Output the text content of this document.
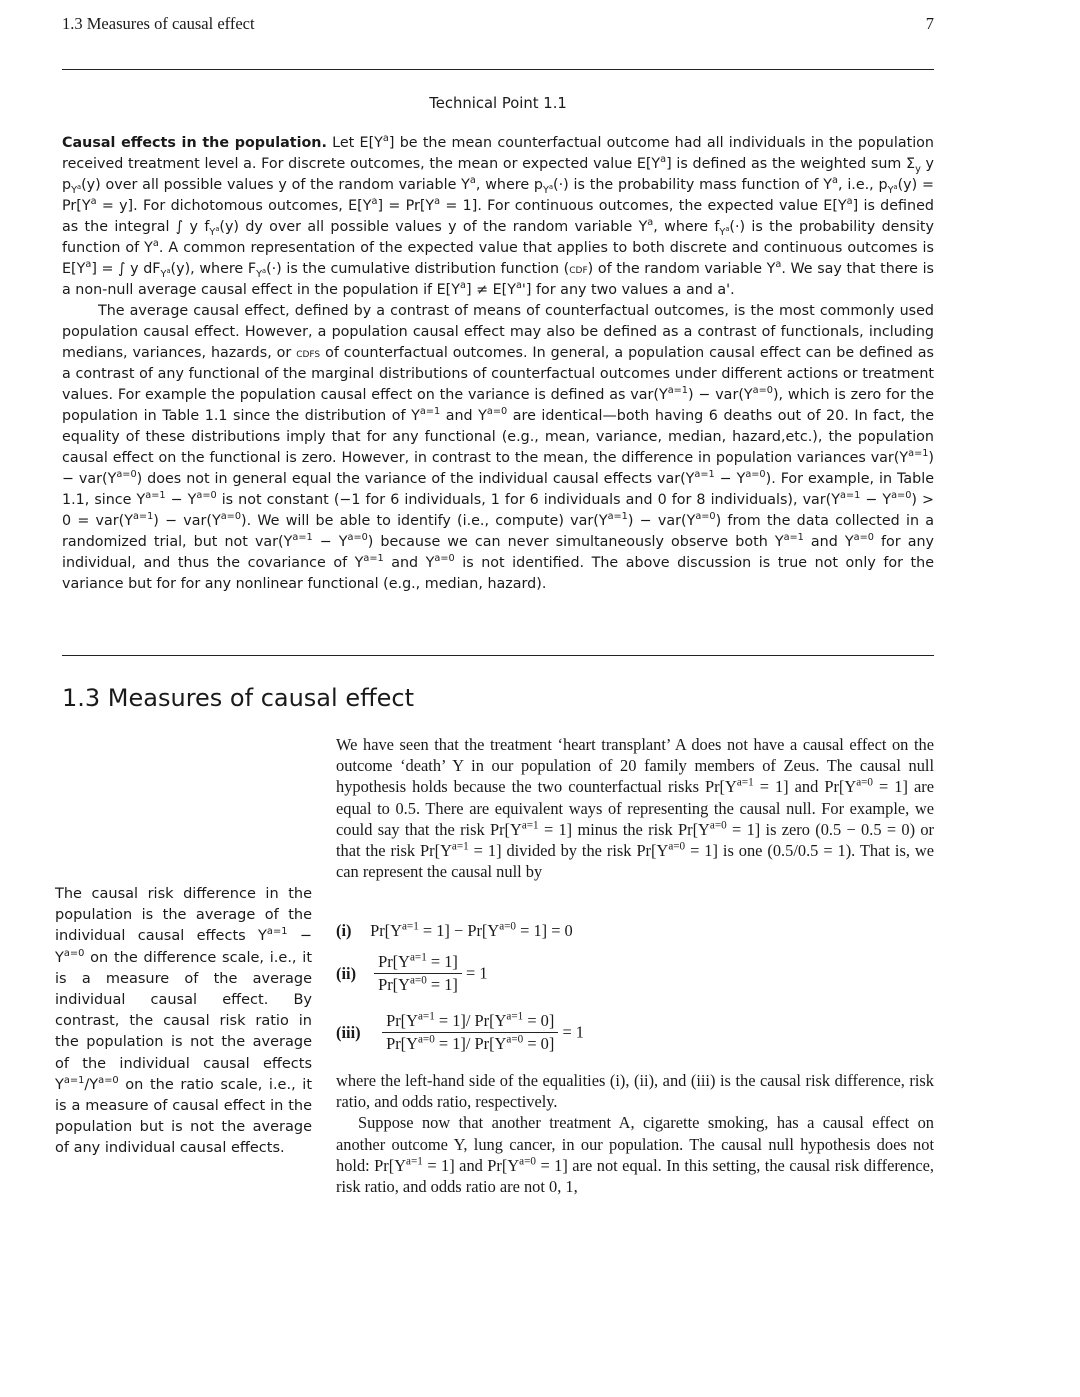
1.3 Measures of causal effect	7
Technical Point 1.1

Causal effects in the population. Let $E[Y^a]$ be the mean counterfactual outcome had all individuals in the population received treatment level a. For discrete outcomes, the mean or expected value $E[Y^a]$ is defined as the weighted sum $\Sigma_y$ y $p_{Y^a}(y)$ over all possible values y of the random variable $Y^a$, where $p_{Y^a}(\cdot)$ is the probability mass function of $Y^a$, i.e., $p_{Y^a}(y) = Pr[Y^a = y]$. For dichotomous outcomes, $E[Y^a] = Pr[Y^a = 1]$. For continuous outcomes, the expected value $E[Y^a]$ is defined as the integral ∫ y $f_{Y^a}(y)$ dy over all possible values y of the random variable $Y^a$, where $f_{Y^a}(\cdot)$ is the probability density function of $Y^a$. A common representation of the expected value that applies to both discrete and continuous outcomes is $E[Y^a]$ = ∫ y $dF_{Y^a}(y)$, where $F_{Y^a}(\cdot)$ is the cumulative distribution function (cdf) of the random variable $Y^a$. We say that there is a non-null average causal effect in the population if $E[Y^a] \ne E[Y^a']$ for any two values a and a'.

The average causal effect, defined by a contrast of means of counterfactual outcomes, is the most commonly used population causal effect. However, a population causal effect may also be defined as a contrast of functionals, including medians, variances, hazards, or cdfs of counterfactual outcomes. In general, a population causal effect can be defined as a contrast of any functional of the marginal distributions of counterfactual outcomes under different actions or treatment values. For example the population causal effect on the variance is defined as $var(Y^{a=1}) - var(Y^{a=0})$, which is zero for the population in Table 1.1 since the distribution of $Y^{a=1}$ and $Y^{a=0}$ are identical—both having 6 deaths out of 20. In fact, the equality of these distributions imply that for any functional (e.g., mean, variance, median, hazard,etc.), the population causal effect on the functional is zero. However, in contrast to the mean, the difference in population variances $var(Y^{a=1}) - var(Y^{a=0})$ does not in general equal the variance of the individual causal effects $var(Y^{a=1} - Y^{a=0})$. For example, in Table 1.1, since $Y^{a=1} - Y^{a=0}$ is not constant (−1 for 6 individuals, 1 for 6 individuals and 0 for 8 individuals), $var(Y^{a=1} - Y^{a=0}) > 0 = var(Y^{a=1}) - var(Y^{a=0})$. We will be able to identify (i.e., compute) $var(Y^{a=1}) - var(Y^{a=0})$ from the data collected in a randomized trial, but not $var(Y^{a=1} - Y^{a=0})$ because we can never simultaneously observe both $Y^{a=1}$ and $Y^{a=0}$ for any individual, and thus the covariance of $Y^{a=1}$ and $Y^{a=0}$ is not identified. The above discussion is true not only for the variance but for for any nonlinear functional (e.g., median, hazard).

1.3 Measures of causal effect
The causal risk difference in the population is the average of the individual causal effects $Y^{a=1} - Y^{a=0}$ on the difference scale, i.e., it is a measure of the average individual causal effect. By contrast, the causal risk ratio in the population is not the average of the individual causal effects $Y^{a=1}/Y^{a=0}$ on the ratio scale, i.e., it is a measure of causal effect in the population but is not the average of any individual causal effects.

We have seen that the treatment ‘heart transplant’ A does not have a causal effect on the outcome ‘death’ Y in our population of 20 family members of Zeus. The causal null hypothesis holds because the two counterfactual risks $Pr[Y^{a=1} = 1]$ and $Pr[Y^{a=0} = 1]$ are equal to 0.5. There are equivalent ways of representing the causal null. For example, we could say that the risk $Pr[Y^{a=1} = 1]$ minus the risk $Pr[Y^{a=0} = 1]$ is zero (0.5 − 0.5 = 0) or that the risk $Pr[Y^{a=1} = 1]$ divided by the risk $Pr[Y^{a=0} = 1]$ is one (0.5/0.5 = 1). That is, we can represent the causal null by

(i) $Pr[Y^{a=1} = 1] - Pr[Y^{a=0} = 1] = 0$
$(ii) \frac{Pr[Y^{a=1} = 1]}{Pr[Y^{a=0} = 1]} = 1$
$(iii) \frac{Pr[Y^{a=1} = 1]/ Pr[Y^{a=1} = 0]}{Pr[Y^{a=0} = 1]/ Pr[Y^{a=0} = 0]} = 1$

where the left-hand side of the equalities (i), (ii), and (iii) is the causal risk difference, risk ratio, and odds ratio, respectively.

Suppose now that another treatment A, cigarette smoking, has a causal effect on another outcome Y, lung cancer, in our population. The causal null hypothesis does not hold: $Pr[Y^{a=1} = 1]$ and $Pr[Y^{a=0} = 1]$ are not equal. In this setting, the causal risk difference, risk ratio, and odds ratio are not 0, 1,
